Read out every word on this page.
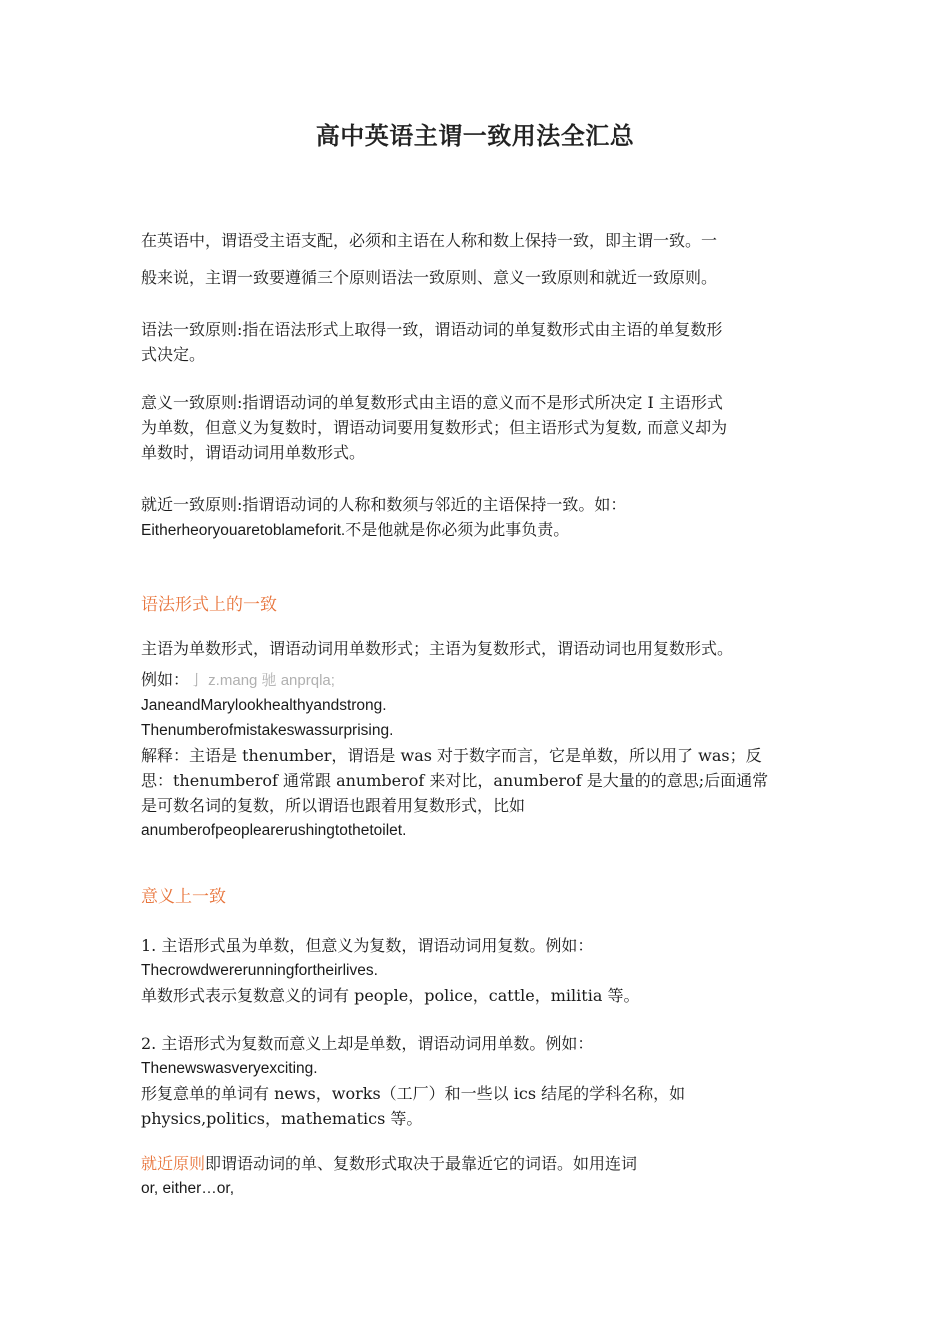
高中英语主谓一致用法全汇总
在英语中，谓语受主语支配，必须和主语在人称和数上保持一致，即主谓一致。一
般来说，主谓一致要遵循三个原则语法一致原则、意义一致原则和就近一致原则。
语法一致原则:指在语法形式上取得一致，谓语动词的单复数形式由主语的单复数形
式决定。
意义一致原则:指谓语动词的单复数形式由主语的意义而不是形式所决定 I 主语形式
为单数，但意义为复数时，谓语动词要用复数形式；但主语形式为复数, 而意义却为
单数时，谓语动词用单数形式。
就近一致原则:指谓语动词的人称和数须与邻近的主语保持一致。如：
Eitherheoryouaretoblameforit.不是他就是你必须为此事负责。
语法形式上的一致
主语为单数形式，谓语动词用单数形式；主语为复数形式，谓语动词也用复数形式。
例如：亅 z.mang 驰 anprqla;
JaneandMarylookhealthyandstrong.
Thenumberofmistakeswassurprising.
解释：主语是 thenumber，谓语是 was 对于数字而言，它是单数，所以用了 was；反
思：thenumberof 通常跟 anumberof 来对比，anumberof 是大量的的意思;后面通常
是可数名词的复数，所以谓语也跟着用复数形式，比如
anumberofpeoplearerushingtothetoilet.
意义上一致
1. 主语形式虽为单数，但意义为复数，谓语动词用复数。例如：
Thecrowdwererunningfortheirlives.
单数形式表示复数意义的词有 people，police，cattle，militia 等。
2. 主语形式为复数而意义上却是单数，谓语动词用单数。例如：
Thenewswasveryexciting.
形复意单的单词有 news，works（工厂）和一些以 ics 结尾的学科名称，如
physics,politics，mathematics 等。
就近原则即谓语动词的单、复数形式取决于最靠近它的词语。如用连词
or, either…or,
